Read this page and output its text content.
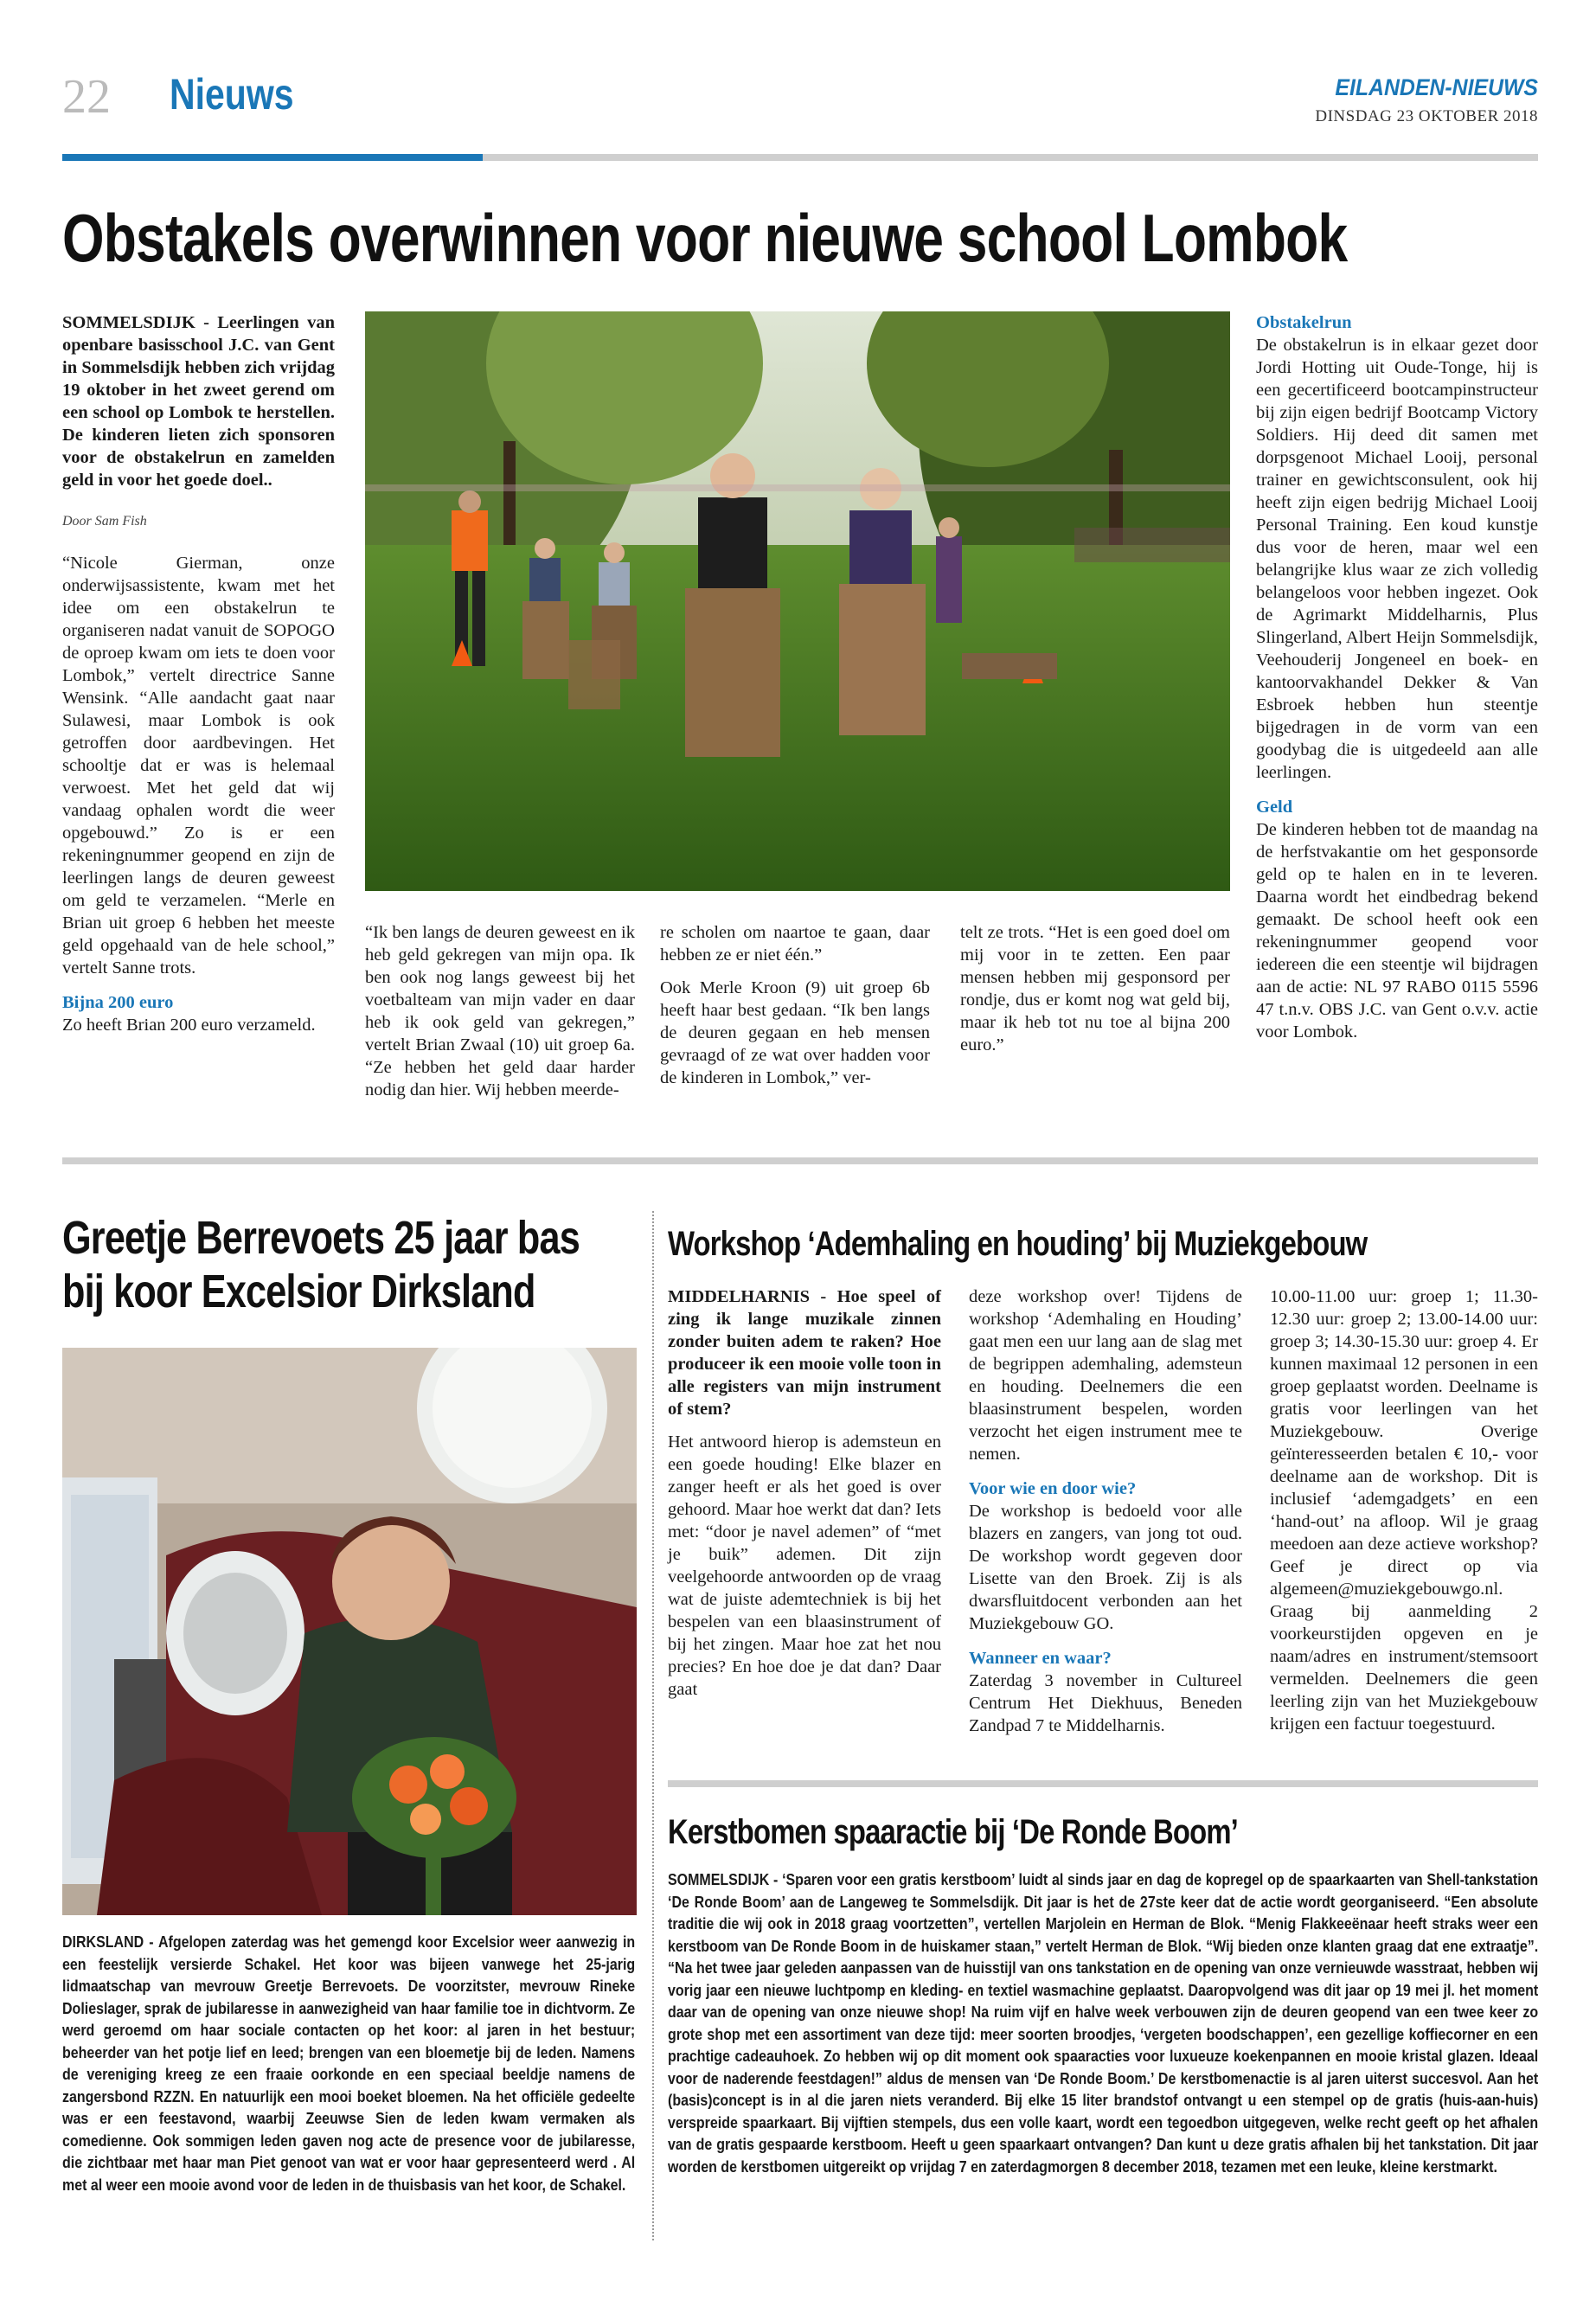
22 Nieuws	EILANDEN-NIEUWS
DINSDAG 23 OKTOBER 2018
Obstakels overwinnen voor nieuwe school Lombok

SOMMELSDIJK - Leerlingen van openbare basisschool J.C. van Gent in Sommelsdijk hebben zich vrijdag 19 oktober in het zweet gerend om een school op Lombok te herstellen. De kinderen lieten zich sponsoren voor de obstakelrun en zamelden geld in voor het goede doel..

Door Sam Fish

“Nicole Gierman, onze onderwijsassistente, kwam met het idee om een obstakelrun te organiseren nadat vanuit de SOPOGO de oproep kwam om iets te doen voor Lombok,” vertelt directrice Sanne Wensink. “Alle aandacht gaat naar Sulawesi, maar Lombok is ook getroffen door aardbevingen. Het schooltje dat er was is helemaal verwoest. Met het geld dat wij vandaag ophalen wordt die weer opgebouwd.” Zo is er een rekeningnummer geopend en zijn de leerlingen langs de deuren geweest om geld te verzamelen. “Merle en Brian uit groep 6 hebben het meeste geld opgehaald van de hele school,” vertelt Sanne trots.

Bijna 200 euro
Zo heeft Brian 200 euro verzameld.
“Ik ben langs de deuren geweest en ik heb geld gekregen van mijn opa. Ik ben ook nog langs geweest bij het voetbalteam van mijn vader en daar heb ik ook geld van gekregen,” vertelt Brian Zwaal (10) uit groep 6a. “Ze hebben het geld daar harder nodig dan hier. Wij hebben meerde-

re scholen om naartoe te gaan, daar hebben ze er niet één.”

Ook Merle Kroon (9) uit groep 6b heeft haar best gedaan. “Ik ben langs de deuren gegaan en heb mensen gevraagd of ze wat over hadden voor de kinderen in Lombok,” ver-

telt ze trots. “Het is een goed doel om mij voor in te zetten. Een paar mensen hebben mij gesponsord per rondje, dus er komt nog wat geld bij, maar ik heb tot nu toe al bijna 200 euro.”
Obstakelrun

De obstakelrun is in elkaar gezet door Jordi Hotting uit Oude-Tonge, hij is een gecertificeerd bootcampinstructeur bij zijn eigen bedrijf Bootcamp Victory Soldiers. Hij deed dit samen met dorpsgenoot Michael Looij, personal trainer en gewichtsconsulent, ook hij heeft zijn eigen bedrijg Michael Looij Personal Training. Een koud kunstje dus voor de heren, maar wel een belangrijke klus waar ze zich volledig belangeloos voor hebben ingezet. Ook de Agrimarkt Middelharnis, Plus Slingerland, Albert Heijn Sommelsdijk, Veehouderij Jongeneel en boek- en kantoorvakhandel Dekker & Van Esbroek hebben hun steentje bijgedragen in de vorm van een goodybag die is uitgedeeld aan alle leerlingen.

Geld

De kinderen hebben tot de maandag na de herfstvakantie om het gesponsorde geld op te halen en in te leveren. Daarna wordt het eindbedrag bekend gemaakt. De school heeft ook een rekeningnummer geopend voor iedereen die een steentje wil bijdragen aan de actie: NL 97 RABO 0115 5596 47 t.n.v. OBS J.C. van Gent o.v.v. actie voor Lombok.

Greetje Berrevoets 25 jaar bas bij koor Excelsior Dirksland
DIRKSLAND - Afgelopen zaterdag was het gemengd koor Excelsior weer aanwezig in een feestelijk versierde Schakel. Het koor was bijeen vanwege het 25-jarig lidmaatschap van mevrouw Greetje Berrevoets. De voorzitster, mevrouw Rineke Dolieslager, sprak de jubilaresse in aanwezigheid van haar familie toe in dichtvorm. Ze werd geroemd om haar sociale contacten op het koor: al jaren in het bestuur; beheerder van het potje lief en leed; brengen van een bloemetje bij de leden. Namens de vereniging kreeg ze een fraaie oorkonde en een speciaal beeldje namens de zangersbond RZZN. En natuurlijk een mooi boeket bloemen. Na het officiële gedeelte was er een feestavond, waarbij Zeeuwse Sien de leden kwam vermaken als comedienne. Ook sommigen leden gaven nog acte de presence voor de jubilaresse, die zichtbaar met haar man Piet genoot van wat er voor haar gepresenteerd werd . Al met al weer een mooie avond voor de leden in de thuisbasis van het koor, de Schakel.
Workshop ‘Ademhaling en houding’ bij Muziekgebouw

MIDDELHARNIS - Hoe speel of zing ik lange muzikale zinnen zonder buiten adem te raken? Hoe produceer ik een mooie volle toon in alle registers van mijn instrument of stem?

Het antwoord hierop is ademsteun en een goede houding! Elke blazer en zanger heeft er als het goed is over gehoord. Maar hoe werkt dat dan? Iets met: “door je navel ademen” of “met je buik” ademen. Dit zijn veelgehoorde antwoorden op de vraag wat de juiste ademtechniek is bij het bespelen van een blaasinstrument of bij het zingen. Maar hoe zat het nou precies? En hoe doe je dat dan? Daar gaat

deze workshop over! Tijdens de workshop ‘Ademhaling en Houding’ gaat men een uur lang aan de slag met de begrippen ademhaling, ademsteun en houding. Deelnemers die een blaasinstrument bespelen, worden verzocht het eigen instrument mee te nemen.

Voor wie en door wie?

De workshop is bedoeld voor alle blazers en zangers, van jong tot oud. De workshop wordt gegeven door Lisette van den Broek. Zij is als dwarsfluitdocent verbonden aan het Muziekgebouw GO.

Wanneer en waar?

Zaterdag 3 november in Cultureel Centrum Het Diekhuus, Beneden Zandpad 7 te Middelharnis.

10.00-11.00 uur: groep 1; 11.30-12.30 uur: groep 2; 13.00-14.00 uur: groep 3; 14.30-15.30 uur: groep 4. Er kunnen maximaal 12 personen in een groep geplaatst worden. Deelname is gratis voor leerlingen van het Muziekgebouw. Overige geïnteresseerden betalen € 10,- voor deelname aan de workshop. Dit is inclusief ‘ademgadgets’ en een ‘hand-out’ na afloop. Wil je graag meedoen aan deze actieve workshop? Geef je direct op via algemeen@muziekgebouwgo.nl. Graag bij aanmelding 2 voorkeurstijden opgeven en je naam/adres en instrument/stemsoort vermelden. Deelnemers die geen leerling zijn van het Muziekgebouw krijgen een factuur toegestuurd.
Kerstbomen spaaractie bij ‘De Ronde Boom’
SOMMELSDIJK - ‘Sparen voor een gratis kerstboom’ luidt al sinds jaar en dag de kopregel op de spaarkaarten van Shell-tankstation ‘De Ronde Boom’ aan de Langeweg te Sommelsdijk. Dit jaar is het de 27ste keer dat de actie wordt georganiseerd. “Een absolute traditie die wij ook in 2018 graag voortzetten”, vertellen Marjolein en Herman de Blok. “Menig Flakkeeënaar heeft straks weer een kerstboom van De Ronde Boom in de huiskamer staan,” vertelt Herman de Blok. “Wij bieden onze klanten graag dat ene extraatje”. “Na het twee jaar geleden aanpassen van de huisstijl van ons tankstation en de opening van onze vernieuwde wasstraat, hebben wij vorig jaar een nieuwe luchtpomp en kleding- en textiel wasmachine geplaatst. Daaropvolgend was dit jaar op 19 mei jl. het moment daar van de opening van onze nieuwe shop! Na ruim vijf en halve week verbouwen zijn de deuren geopend van een twee keer zo grote shop met een assortiment van deze tijd: meer soorten broodjes, ‘vergeten boodschappen’, een gezellige koffiecorner en een prachtige cadeauhoek. Zo hebben wij op dit moment ook spaaracties voor luxueuze koekenpannen en mooie kristal glazen. Ideaal voor de naderende feestdagen!” aldus de mensen van ‘De Ronde Boom.’ De kerstbomenactie is al jaren uiterst succesvol. Aan het (basis)concept is in al die jaren niets veranderd. Bij elke 15 liter brandstof ontvangt u een stempel op de gratis (huis-aan-huis) verspreide spaarkaart. Bij vijftien stempels, dus een volle kaart, wordt een tegoedbon uitgegeven, welke recht geeft op het afhalen van de gratis gespaarde kerstboom. Heeft u geen spaarkaart ontvangen? Dan kunt u deze gratis afhalen bij het tankstation. Dit jaar worden de kerstbomen uitgereikt op vrijdag 7 en zaterdagmorgen 8 december 2018, tezamen met een leuke, kleine kerstmarkt.
